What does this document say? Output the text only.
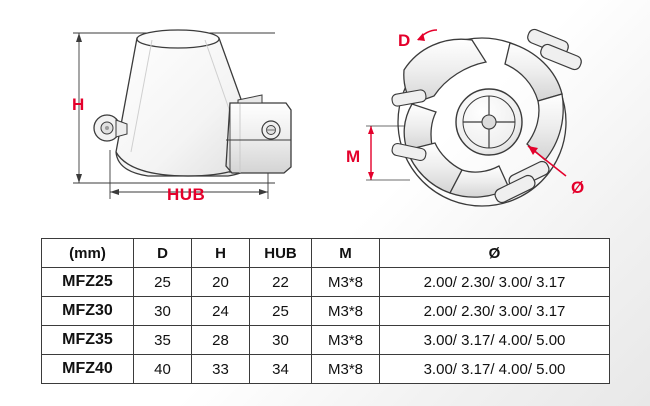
H
HUB
D
M
Ø
(mm)	D	H	HUB	M	Ø
MFZ25	25	20	22	M3*8	2.00/ 2.30/ 3.00/ 3.17
MFZ30	30	24	25	M3*8	2.00/ 2.30/ 3.00/ 3.17
MFZ35	35	28	30	M3*8	3.00/ 3.17/ 4.00/ 5.00
MFZ40	40	33	34	M3*8	3.00/ 3.17/ 4.00/ 5.00
